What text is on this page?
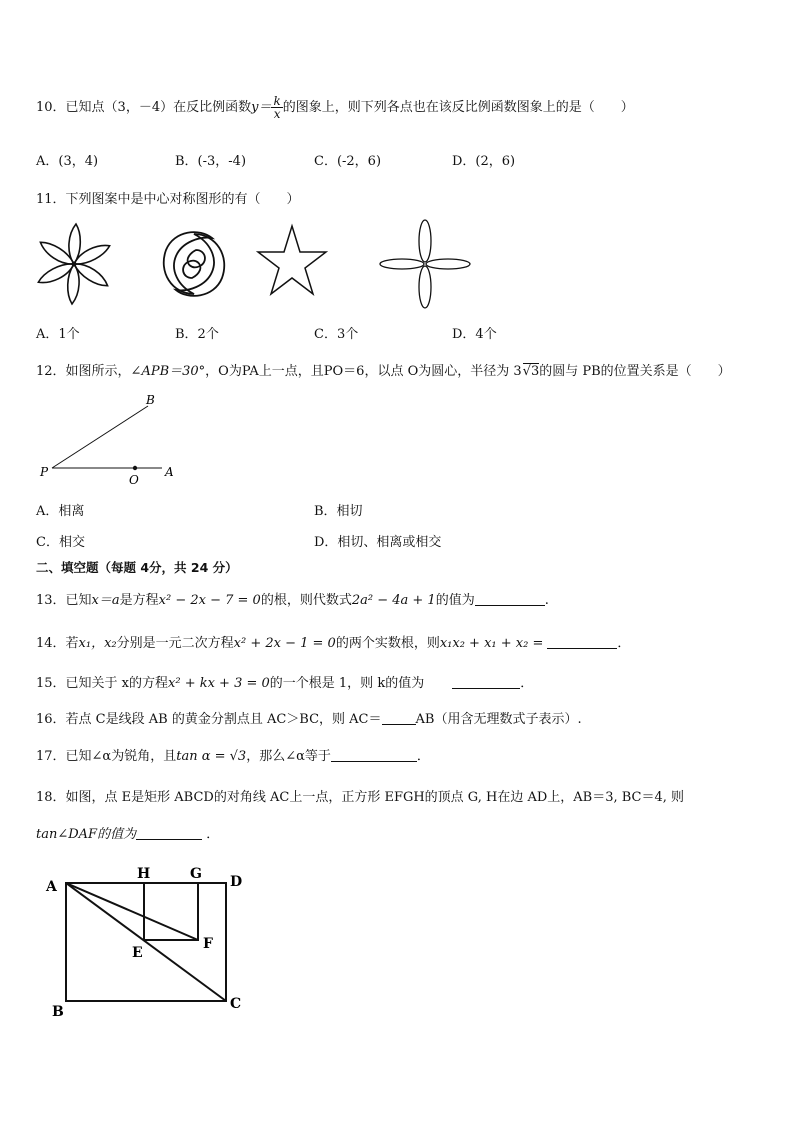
10．已知点（3，－4）在反比例函数$y= \frac{k}{x}$ 的图象上，则下列各点也在该反比例函数图象上的是（　　）
A．(3，4)	B．(-3，-4)	C．(-2，6)	D．(2，6)
11．下列图案中是中心对称图形的有（　　）
A．1个	B．2个	C．3个	D．4个
12．如图所示，∠APB＝30°，O为PA上一点，且PO＝6，以点 O为圆心，半径为 3√3的圆与 PB的位置关系是（　　）
P
O
A
B
A．相离	B．相切
C．相交	D．相切、相离或相交
二、填空题（每题 4分，共 24 分）
13．已知x＝a是方程x² − 2x − 7 = 0的根，则代数式2a² − 4a + 1的值为	.
14．若x₁，x₂分别是一元二次方程x² + 2x − 1 = 0的两个实数根，则x₁x₂ + x₁ + x₂ =	．
15．已知关于 x的方程x² + kx + 3 = 0的一个根是 1，则 k的值为	．
16．若点 C是线段 AB 的黄金分割点且 AC＞BC，则 AC＝	AB（用含无理数式子表示）.
17．已知∠α为锐角，且tan α = √3，那么∠α等于	．
18．如图，点 E是矩形 ABCD的对角线 AC上一点，正方形 EFGH的顶点 G, H在边 AD上，AB＝3, BC＝4, 则
tan∠DAF的值为	．
A
B	C
D
E
F
G
H
